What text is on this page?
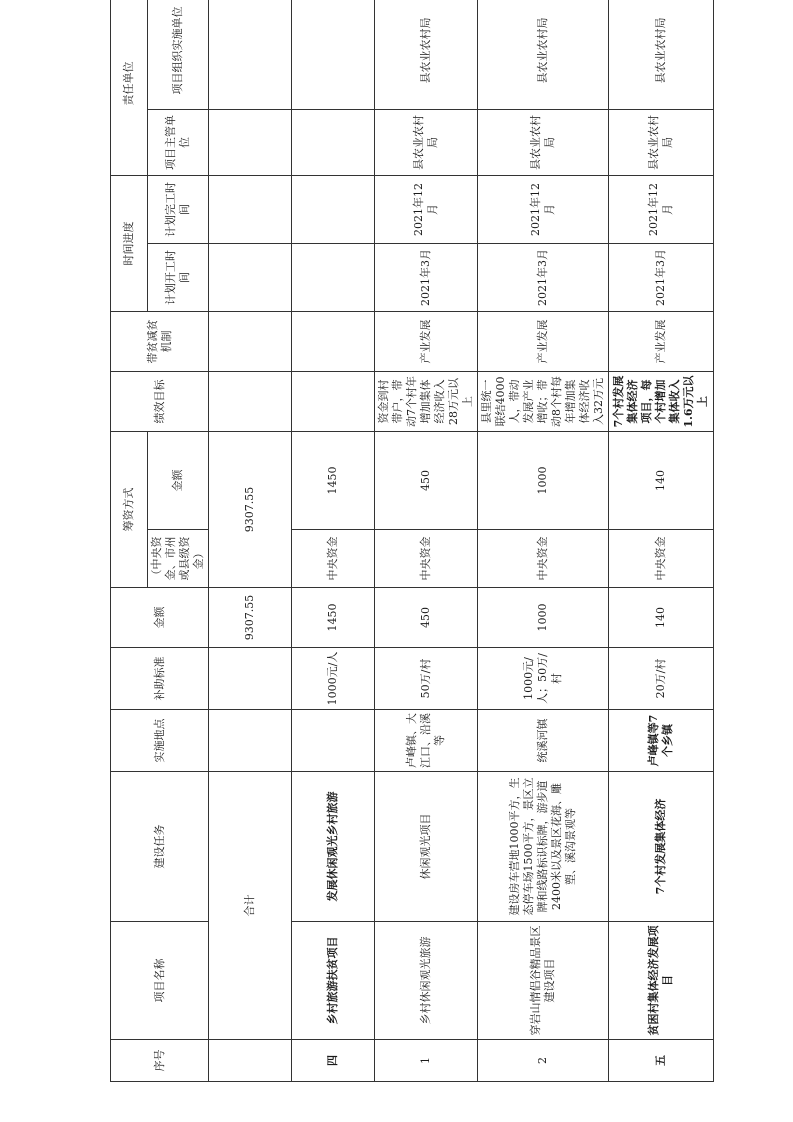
序号	项目名称	建设任务	实施地点	补助标准	金额	筹资方式		绩效目标	带贫减贫机制	时间进度		责任单位	
						（中央资金、市州或县级资金）	金额			计划开工时间	计划完工时间	项目主管单位	项目组织实施单位
	合计				9307.55	9307.55							
四	乡村旅游扶贫项目	发展休闲观光乡村旅游		1000元/人	1450	中央资金	1450						
1	乡村休闲观光旅游	休闲观光项目	卢峰镇、大江口、沿溪等	50万/村	450	中央资金	450	资金到村带户，带动7个村年增加集体经济收入28万元以上	产业发展	2021年3月	2021年12月	县农业农村局	县农业农村局
2	穿岩山情侣谷精品景区建设项目	建设房车营地1000平方，生态停车场1500平方，景区立牌和线路标识标牌，游步道2400米以及景区花海、雕塑、溪沟景观等	统溪河镇	1000元/人；50万/村	1000	中央资金	1000	县里统一联结4000人，带动发展产业增收；带动8个村每年增加集体经济收入32万元	产业发展	2021年3月	2021年12月	县农业农村局	县农业农村局
五	贫困村集体经济发展项目	7个村发展集体经济	卢峰镇等7个乡镇	20万/村	140	中央资金	140	7个村发展集体经济项目，每个村增加集体收入1.6万元以上	产业发展	2021年3月	2021年12月	县农业农村局	县农业农村局
